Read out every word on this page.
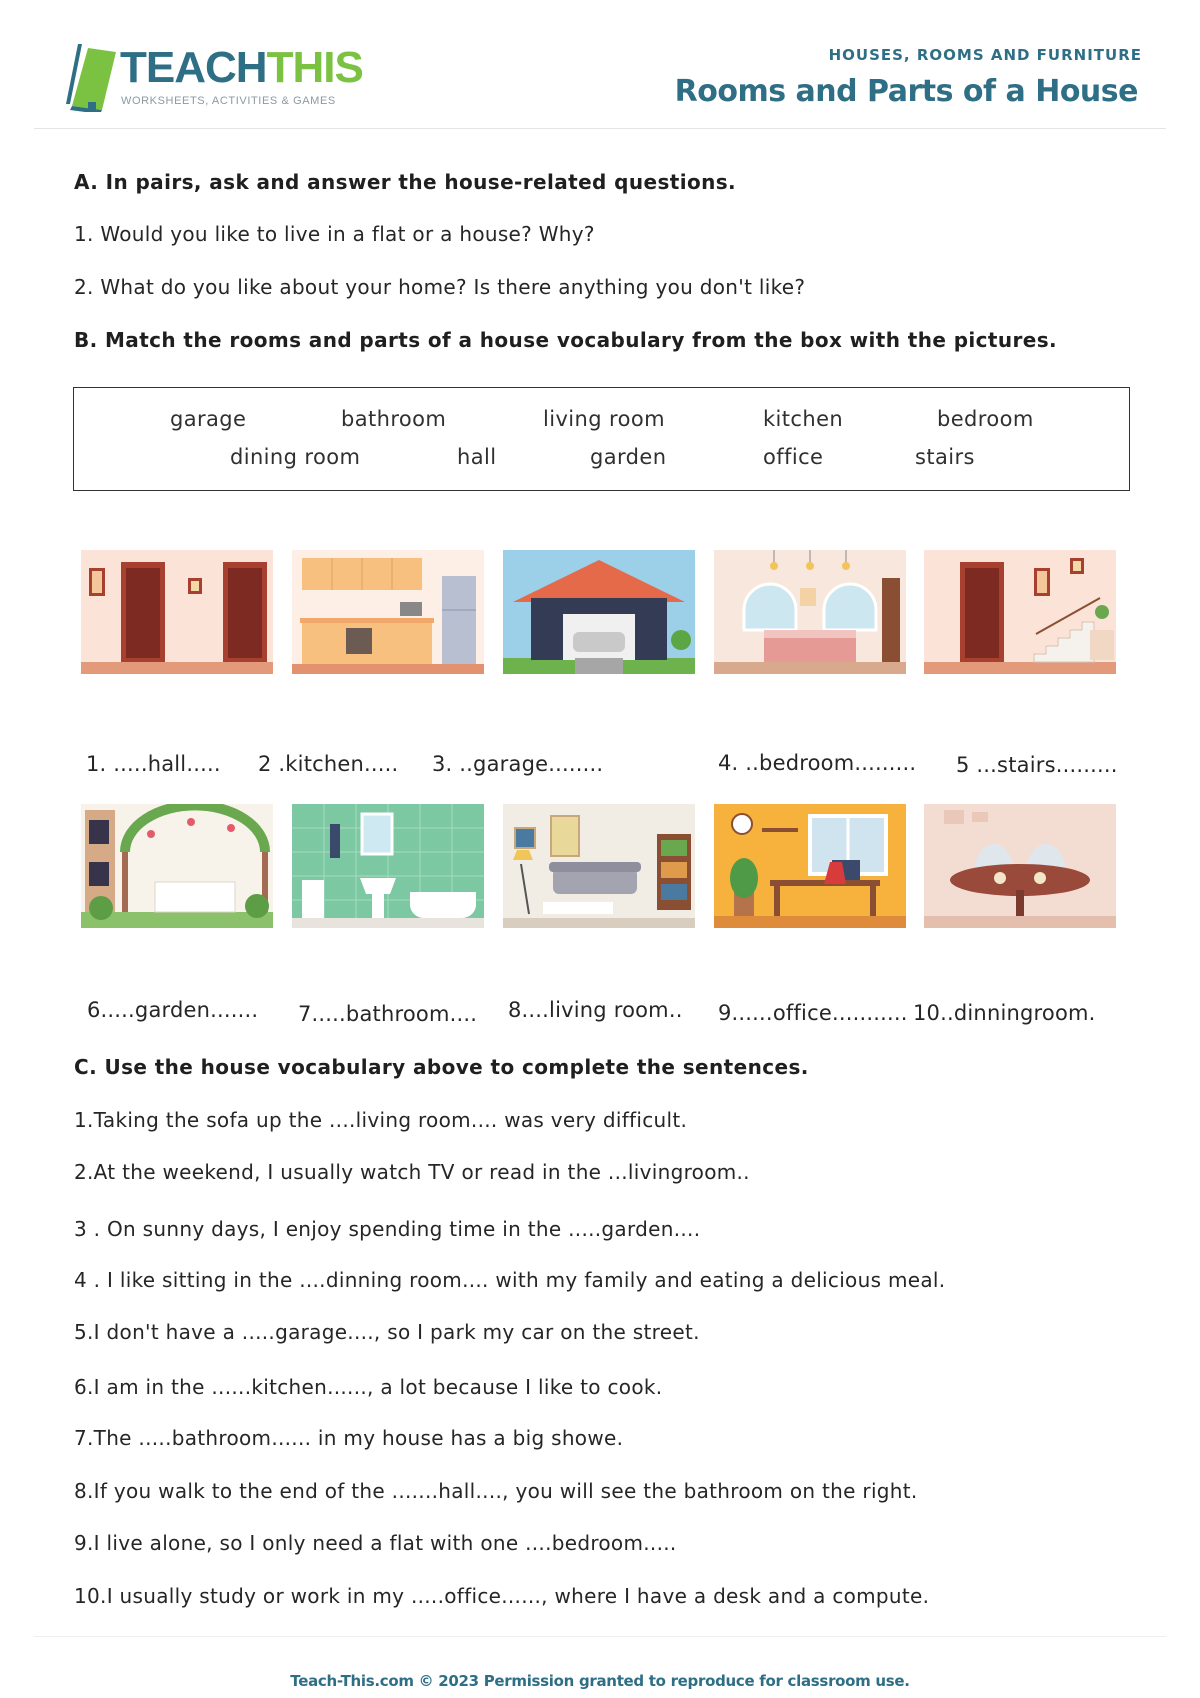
TEACHTHIS
WORKSHEETS, ACTIVITIES & GAMES
HOUSES, ROOMS AND FURNITURE
Rooms and Parts of a House
A. In pairs, ask and answer the house-related questions.
1. Would you like to live in a flat or a house? Why?
2. What do you like about your home? Is there anything you don't like?
B. Match the rooms and parts of a house vocabulary from the box with the pictures.
garage	bathroom	living room	kitchen	bedroom
dining room	hall	garden	office	stairs
1. .....hall..... 2 .kitchen..... 3. ..garage........	4. ..bedroom......... 5 ...stairs.........
6.....garden....... 7.....bathroom.... 8....living room.. 9......office........... 10..dinningroom.
C. Use the house vocabulary above to complete the sentences.
1.Taking the sofa up the ....living room.... was very difficult.
2.At the weekend, I usually watch TV or read in the ...livingroom..
3 . On sunny days, I enjoy spending time in the .....garden....
4 . I like sitting in the ....dinning room.... with my family and eating a delicious meal.
5.I don't have a .....garage...., so I park my car on the street.
6.I am in the ......kitchen......, a lot because I like to cook.
7.The .....bathroom...... in my house has a big showe.
8.If you walk to the end of the .......hall...., you will see the bathroom on the right.
9.I live alone, so I only need a flat with one ....bedroom.....
10.I usually study or work in my .....office......, where I have a desk and a compute.
Teach-This.com © 2023 Permission granted to reproduce for classroom use.
